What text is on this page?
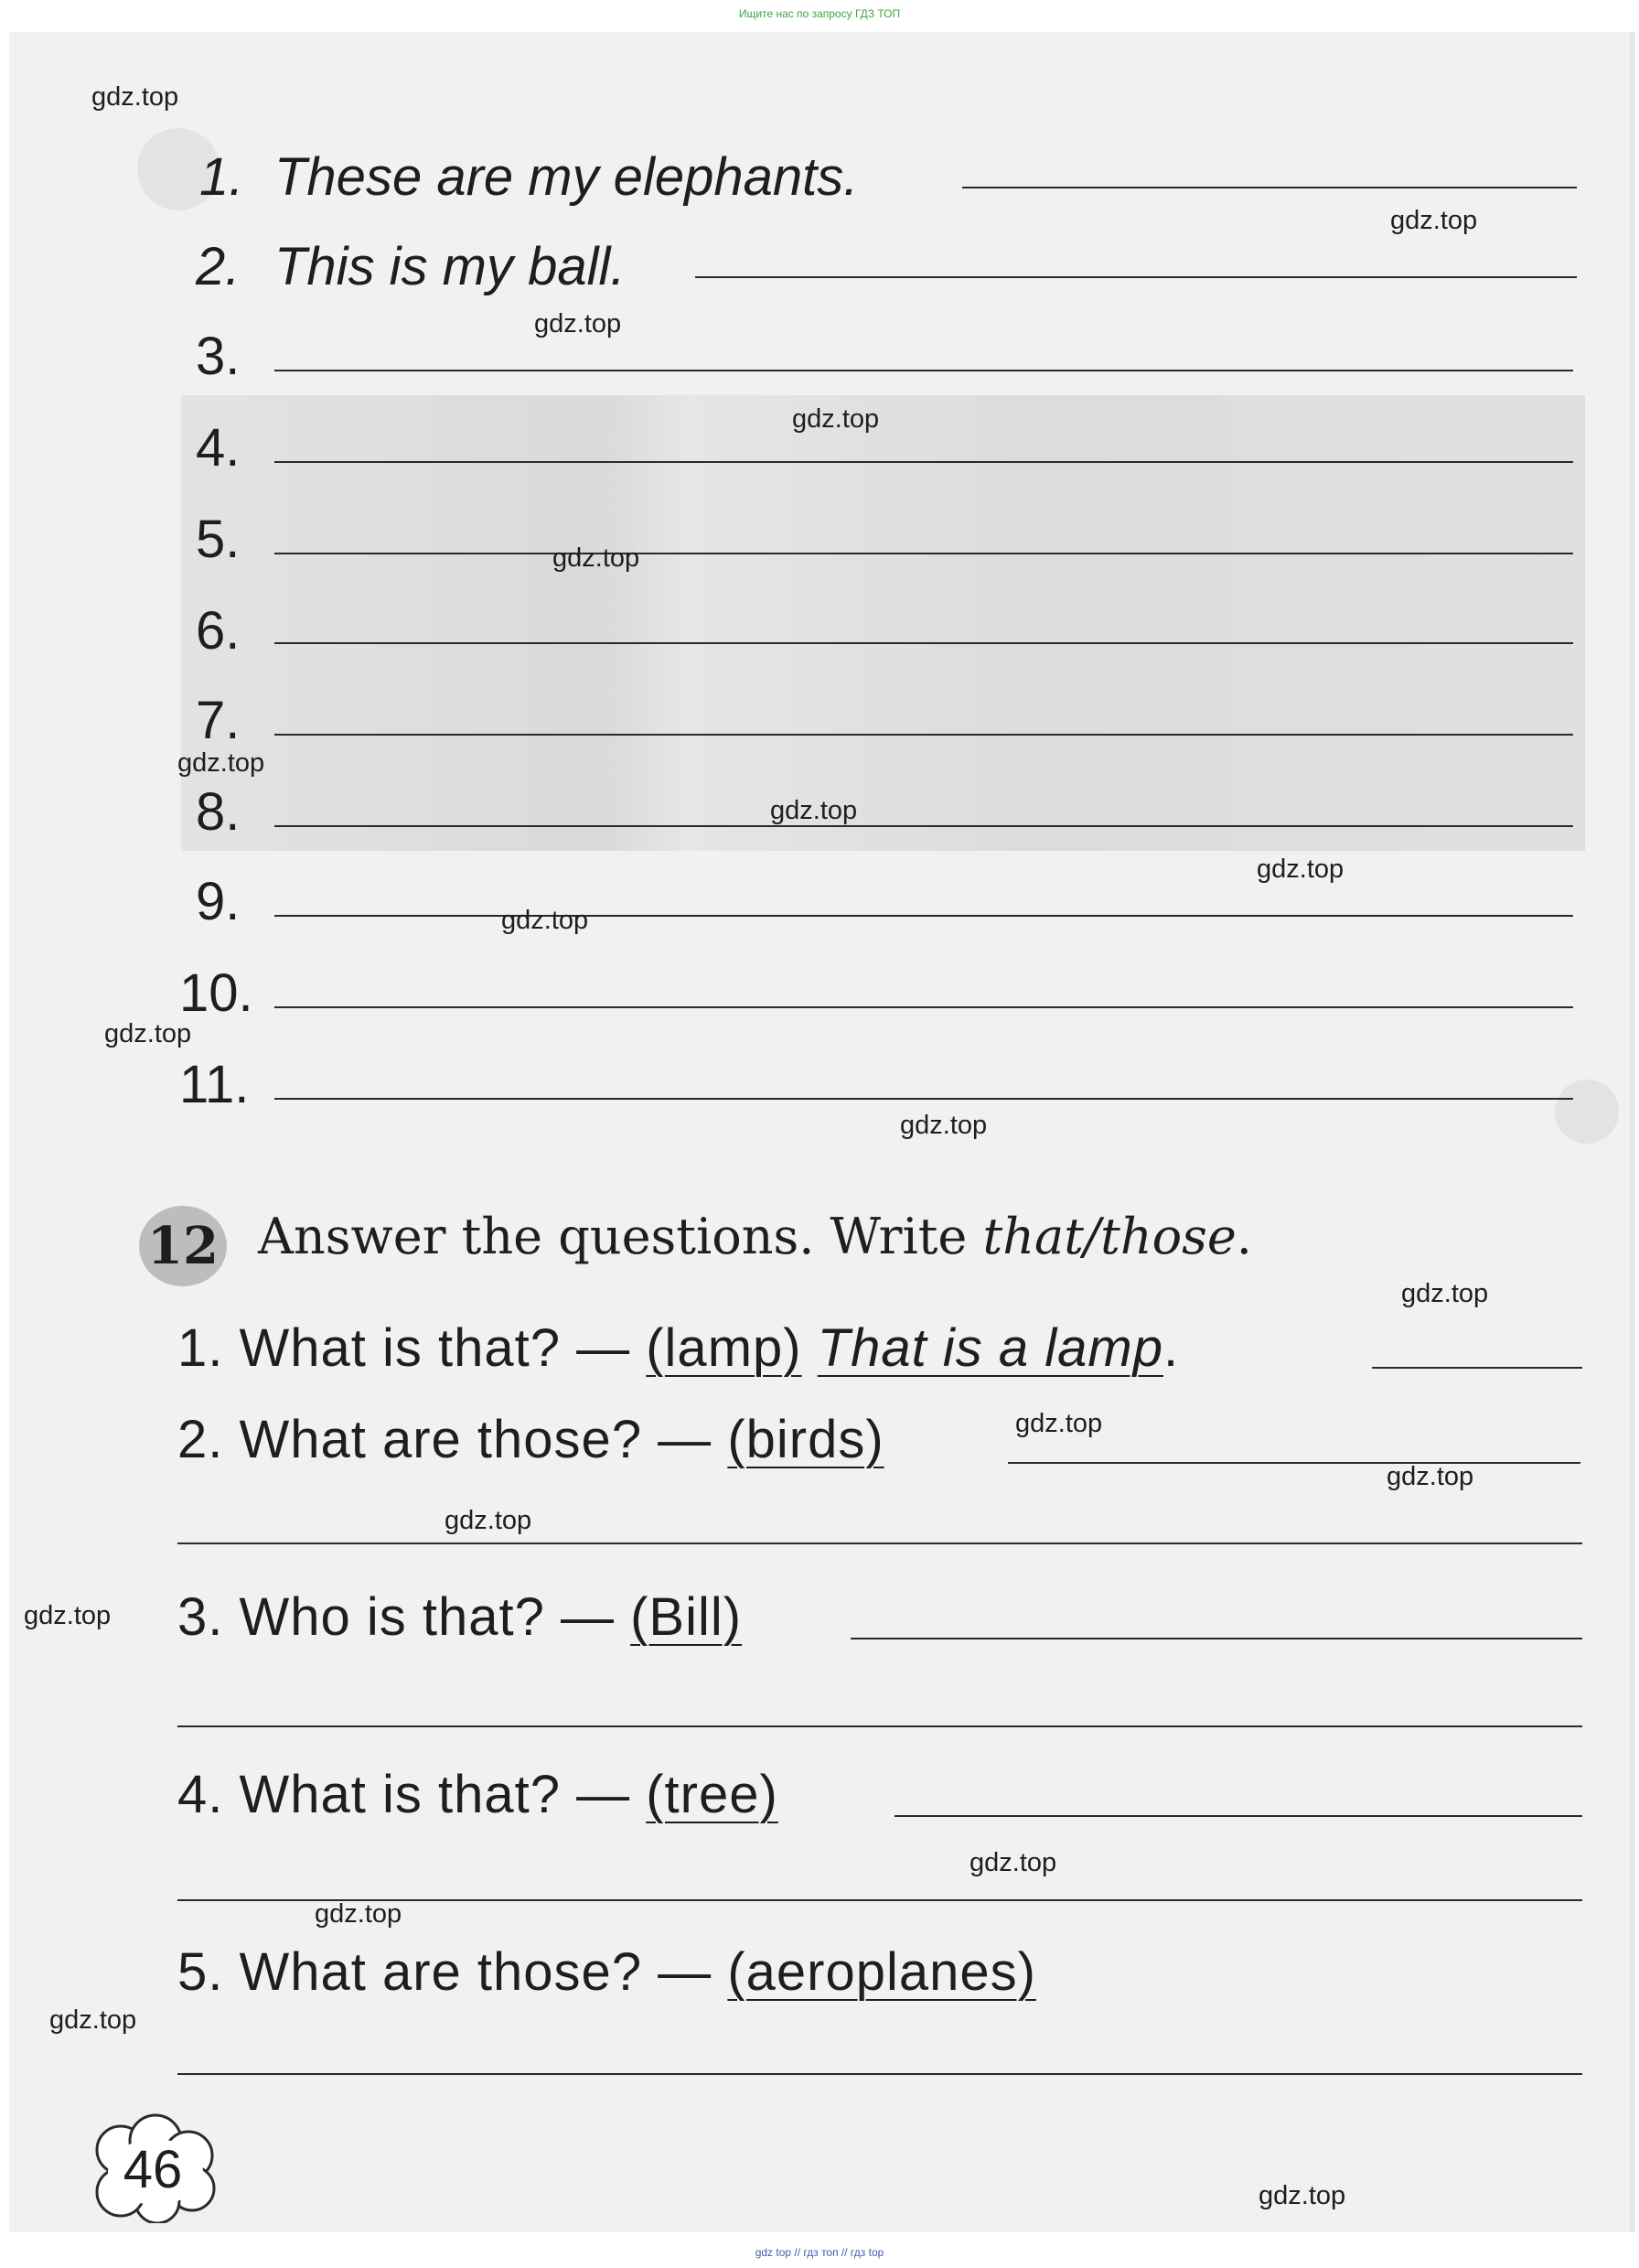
Ищите нас по запросу ГДЗ ТОП
1. These are my elephants.
2. This is my ball.
3.
4.
5.
6.
7.
8.
9.
10.
11.
12 Answer the questions. Write that/those.
1. What is that? — (lamp) That is a lamp.
2. What are those? — (birds)
3. Who is that? — (Bill)
4. What is that? — (tree)
5. What are those? — (aeroplanes)
46
gdz.top
gdz.top
gdz.top
gdz.top
gdz.top
gdz.top
gdz.top
gdz.top
gdz.top
gdz.top
gdz.top
gdz.top
gdz.top
gdz.top
gdz.top
gdz.top
gdz.top
gdz.top
gdz.top
gdz.top
gdz top // гдз топ // гдз top
